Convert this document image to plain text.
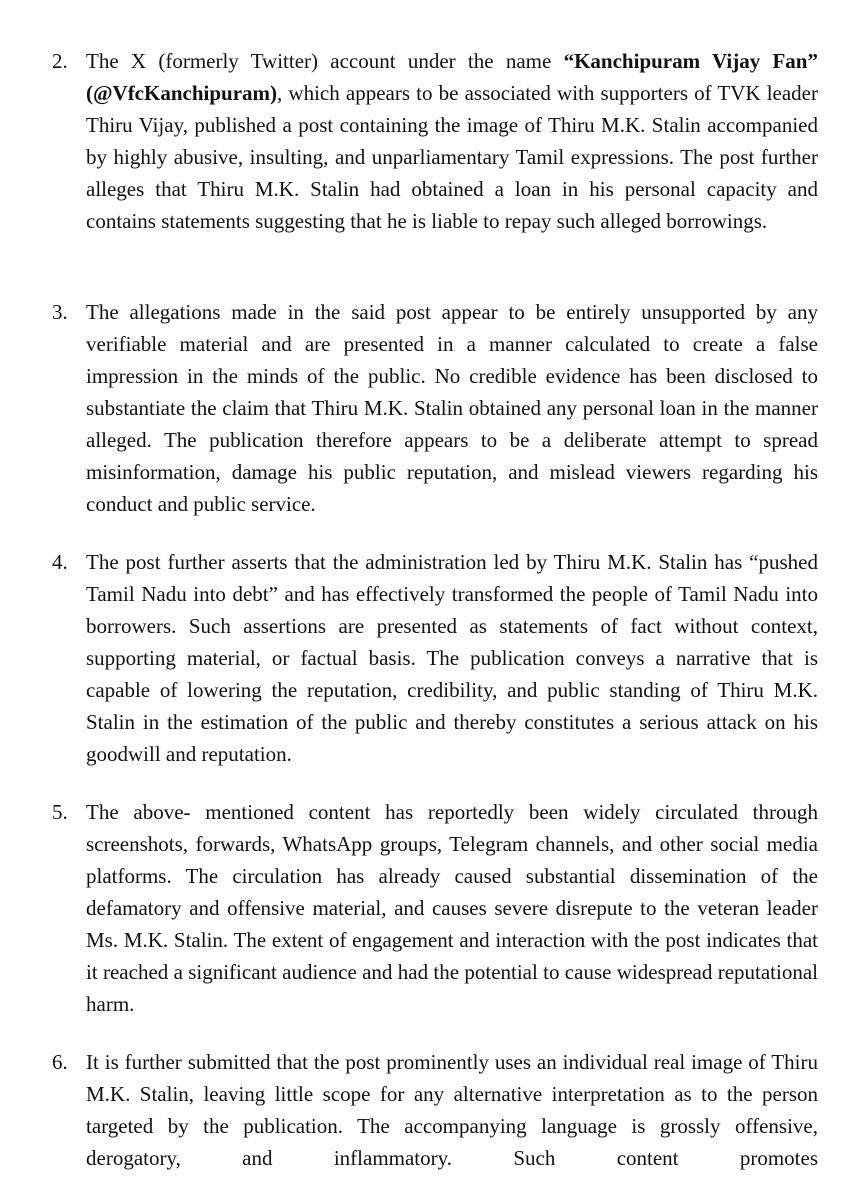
2. The X (formerly Twitter) account under the name “Kanchipuram Vijay Fan” (@VfcKanchipuram), which appears to be associated with supporters of TVK leader Thiru Vijay, published a post containing the image of Thiru M.K. Stalin accompanied by highly abusive, insulting, and unparliamentary Tamil expressions. The post further alleges that Thiru M.K. Stalin had obtained a loan in his personal capacity and contains statements suggesting that he is liable to repay such alleged borrowings.
3. The allegations made in the said post appear to be entirely unsupported by any verifiable material and are presented in a manner calculated to create a false impression in the minds of the public. No credible evidence has been disclosed to substantiate the claim that Thiru M.K. Stalin obtained any personal loan in the manner alleged. The publication therefore appears to be a deliberate attempt to spread misinformation, damage his public reputation, and mislead viewers regarding his conduct and public service.
4. The post further asserts that the administration led by Thiru M.K. Stalin has “pushed Tamil Nadu into debt” and has effectively transformed the people of Tamil Nadu into borrowers. Such assertions are presented as statements of fact without context, supporting material, or factual basis. The publication conveys a narrative that is capable of lowering the reputation, credibility, and public standing of Thiru M.K. Stalin in the estimation of the public and thereby constitutes a serious attack on his goodwill and reputation.
5. The above- mentioned content has reportedly been widely circulated through screenshots, forwards, WhatsApp groups, Telegram channels, and other social media platforms. The circulation has already caused substantial dissemination of the defamatory and offensive material, and causes severe disrepute to the veteran leader Ms. M.K. Stalin. The extent of engagement and interaction with the post indicates that it reached a significant audience and had the potential to cause widespread reputational harm.
6. It is further submitted that the post prominently uses an individual real image of Thiru M.K. Stalin, leaving little scope for any alternative interpretation as to the person targeted by the publication. The accompanying language is grossly offensive, derogatory, and inflammatory. Such content promotes
